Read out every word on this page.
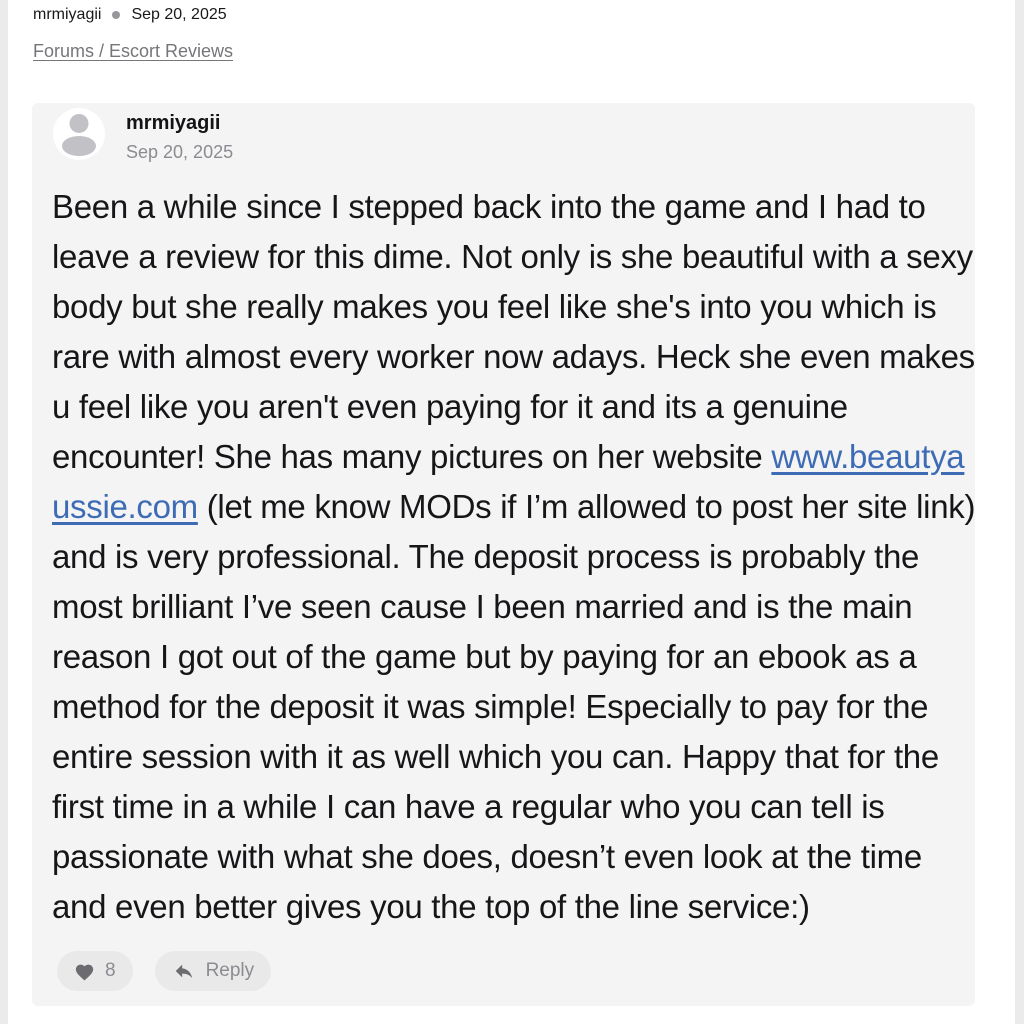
mrmiyagii Sep 20, 2025
Forums / Escort Reviews
mrmiyagii
Sep 20, 2025
Been a while since I stepped back into the game and I had to
leave a review for this dime. Not only is she beautiful with a sexy
body but she really makes you feel like she's into you which is
rare with almost every worker now adays. Heck she even makes
u feel like you aren't even paying for it and its a genuine
encounter! She has many pictures on her website www.beautya
ussie.com (let me know MODs if I’m allowed to post her site link)
and is very professional. The deposit process is probably the
most brilliant I’ve seen cause I been married and is the main
reason I got out of the game but by paying for an ebook as a
method for the deposit it was simple! Especially to pay for the
entire session with it as well which you can. Happy that for the
first time in a while I can have a regular who you can tell is
passionate with what she does, doesn’t even look at the time
and even better gives you the top of the line service:)
8	Reply
